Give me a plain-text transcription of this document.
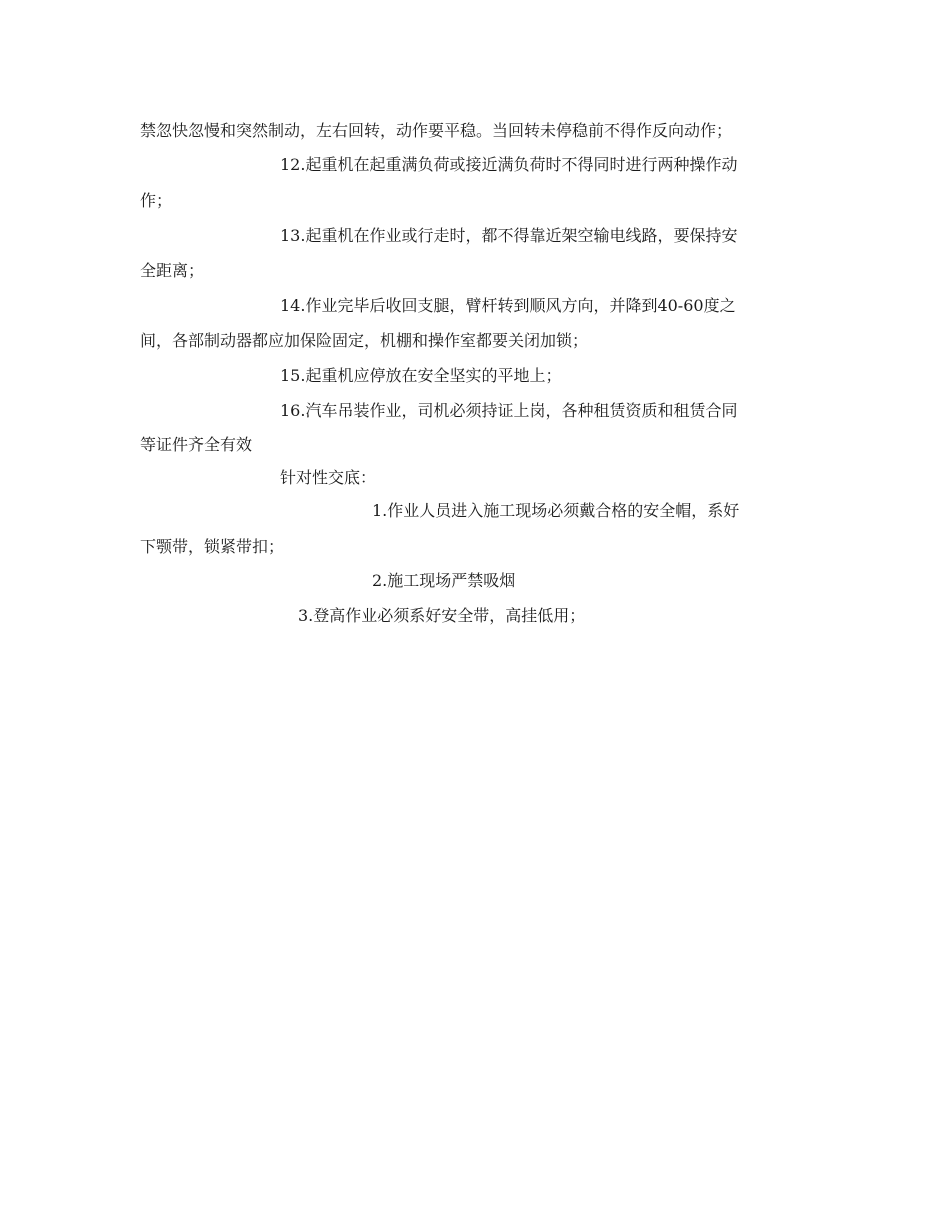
禁忽快忽慢和突然制动，左右回转，动作要平稳。当回转未停稳前不得作反向动作；
12.起重机在起重满负荷或接近满负荷时不得同时进行两种操作动
作；
13.起重机在作业或行走时，都不得靠近架空输电线路，要保持安
全距离；
14.作业完毕后收回支腿，臂杆转到顺风方向，并降到40-60度之
间，各部制动器都应加保险固定，机棚和操作室都要关闭加锁；
15.起重机应停放在安全坚实的平地上；
16.汽车吊装作业，司机必须持证上岗，各种租赁资质和租赁合同
等证件齐全有效
针对性交底：
1.作业人员进入施工现场必须戴合格的安全帽，系好
下颚带，锁紧带扣；
2.施工现场严禁吸烟
3.登高作业必须系好安全带，高挂低用；
